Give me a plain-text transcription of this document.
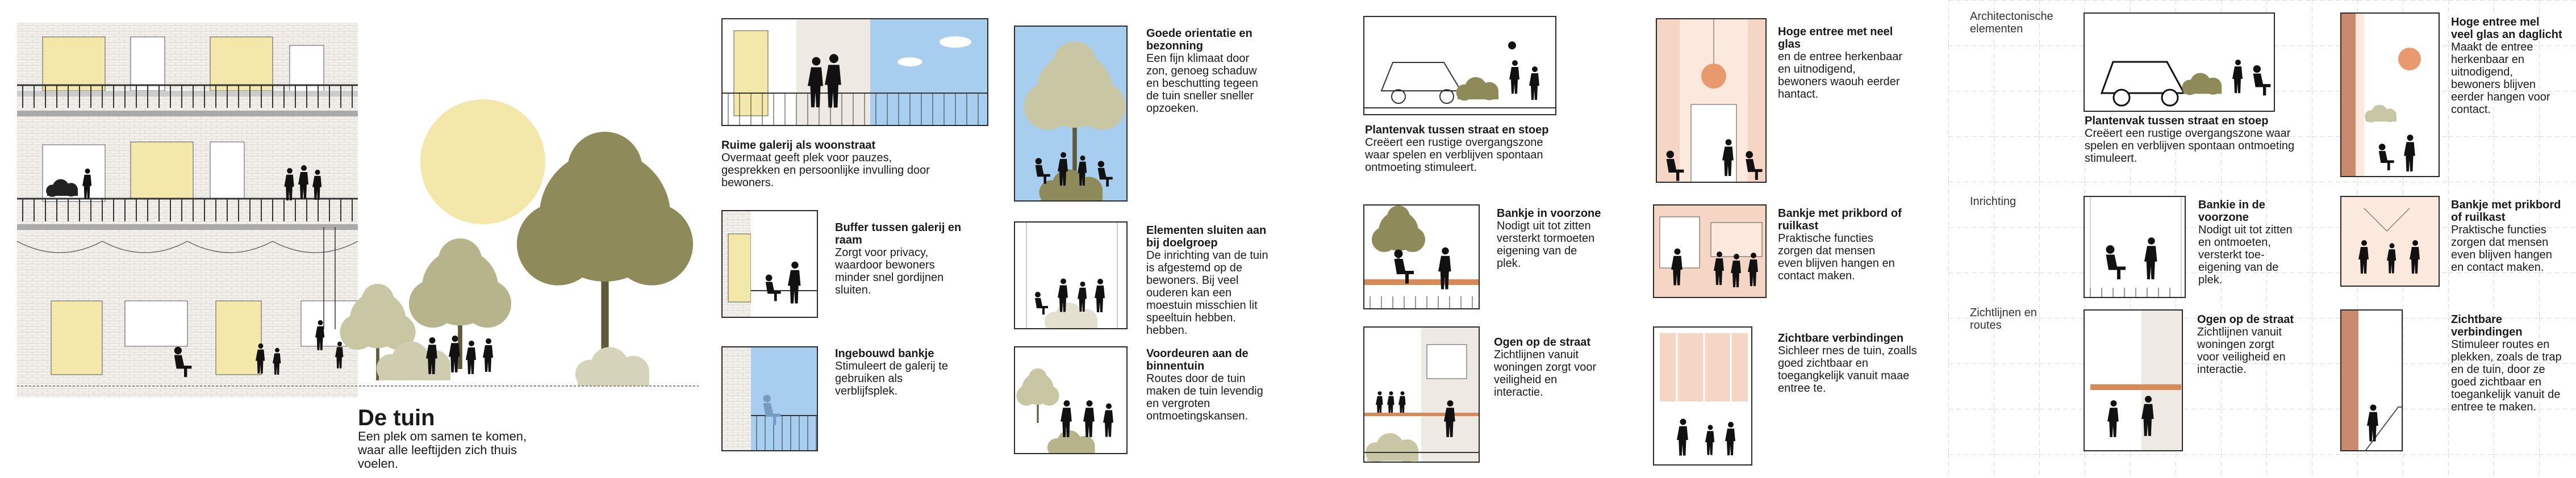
De tuin
Een plek om samen te komen, waar alle leeftijden zich thuis voelen.
Ruime galerij als woonstraat
Overmaat geeft plek voor pauzes, gesprekken en persoonlijke invulling door bewoners.
Buffer tussen galerij en raam
Zorgt voor privacy, waardoor bewoners minder snel gordijnen sluiten.
Ingebouwd bankje
Stimuleert de galerij te gebruiken als verblijfsplek.
Goede orientatie en bezonning
Een fijn klimaat door zon, genoeg schaduw en beschutting tegeen de tuin sneller sneller opzoeken.
Elementen sluiten aan bij doelgroep
De inrichting van de tuin is afgestemd op de bewoners. Bij veel ouderen kan een moestuin misschien lit speeltuin hebben. hebben.
Voordeuren aan de binnentuin
Routes door de tuin maken de tuin levendig en vergroten ontmoetingskansen.
Plantenvak tussen straat en stoep
Creëert een rustige overgangszone waar spelen en verblijven spontaan ontmoeting stimuleert.
Bankje in voorzone
Nodigt uit tot zitten versterkt tormoeten eigening van de plek.
Ogen op de straat
Zichtlijnen vanuit woningen zorgt voor veiligheid en interactie.
Hoge entree met neel glas
en de entree herkenbaar en uitnodigend, bewoners waouh eerder hantact.
Bankje met prikbord of ruilkast
Praktische functies zorgen dat mensen even blijven hangen en contact maken.
Zichtbare verbindingen
Sichleer rnes de tuin, zoalls goed zichtbaar en toegangkelijk vanuit maae entree te.
Architectonische elementen
Inrichting
Zichtlijnen en routes
Plantenvak tussen straat en stoep
Creëert een rustige overgangszone waar spelen en verblijven spontaan ontmoeting stimuleert.
Hoge entree mel veel glas an daglicht
Maakt de entree herkenbaar en uitnodigend, bewoners blijven eerder hangen voor contact.
Bankie in de voorzone
Nodigt uit tot zitten en ontmoeten, versterkt toe-eigening van de plek.
Bankje met prikbord of ruilkast
Praktische functies zorgen dat mensen even blijven hangen en contact maken.
Ogen op de straat
Zichtlijnen vanuit woningen zorgt voor veiligheid en interactie.
Zichtbare verbindingen
Stimuleer routes en plekken, zoals de trap en de tuin, door ze goed zichtbaar en toegankelijk vanuit de entree te maken.
